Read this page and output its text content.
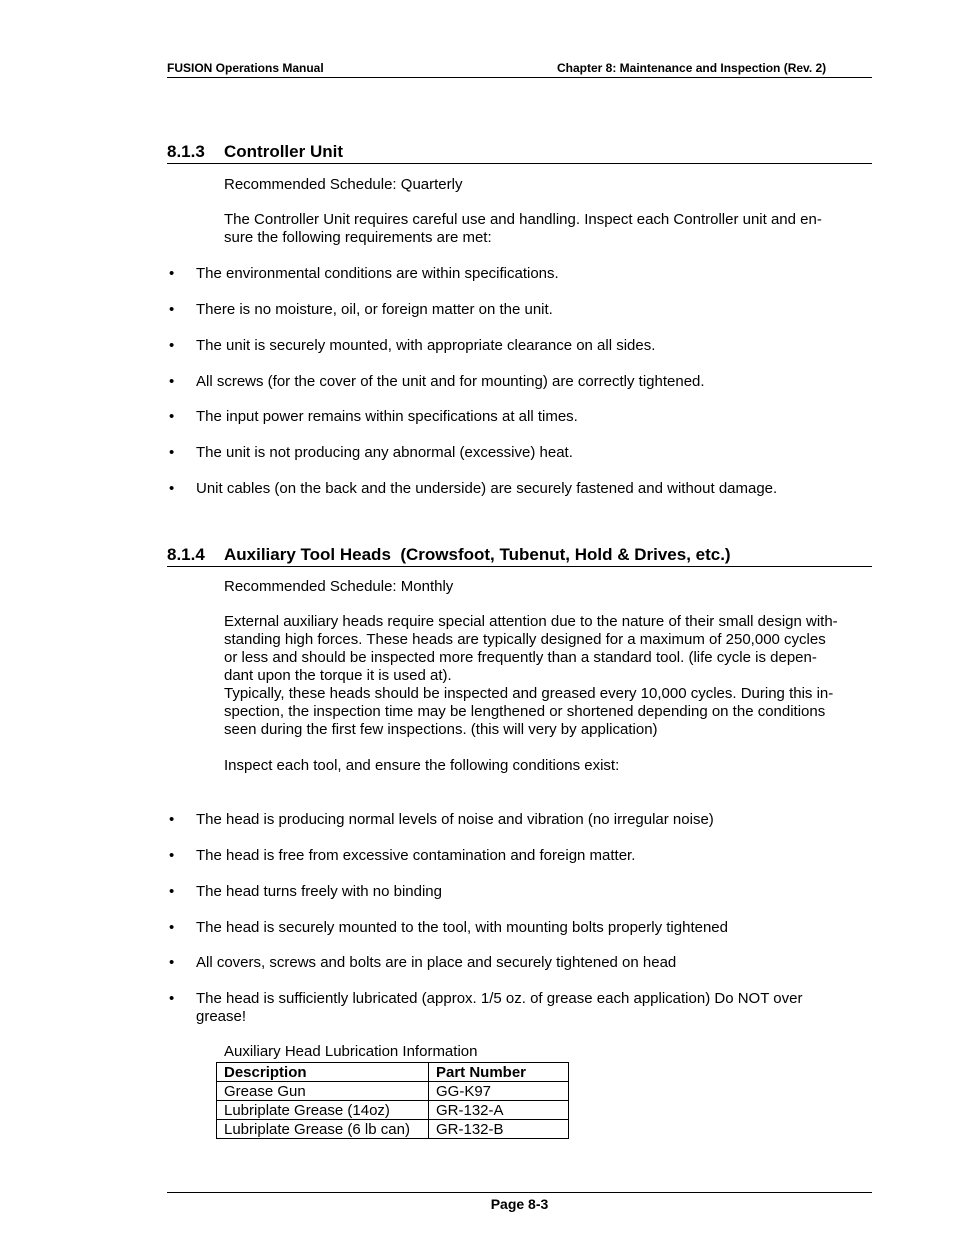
FUSION Operations Manual	Chapter 8: Maintenance and Inspection (Rev. 2)
8.1.3 Controller Unit
Recommended Schedule: Quarterly
The Controller Unit requires careful use and handling. Inspect each Controller unit and en-
sure the following requirements are met:
• The environmental conditions are within specifications.
• There is no moisture, oil, or foreign matter on the unit.
• The unit is securely mounted, with appropriate clearance on all sides.
• All screws (for the cover of the unit and for mounting) are correctly tightened.
• The input power remains within specifications at all times.
• The unit is not producing any abnormal (excessive) heat.
• Unit cables (on the back and the underside) are securely fastened and without damage.
8.1.4 Auxiliary Tool Heads  (Crowsfoot, Tubenut, Hold & Drives, etc.)
Recommended Schedule: Monthly
External auxiliary heads require special attention due to the nature of their small design with-
standing high forces. These heads are typically designed for a maximum of 250,000 cycles
or less and should be inspected more frequently than a standard tool. (life cycle is depen-
dant upon the torque it is used at).
Typically, these heads should be inspected and greased every 10,000 cycles. During this in-
spection, the inspection time may be lengthened or shortened depending on the conditions
seen during the first few inspections. (this will very by application)
Inspect each tool, and ensure the following conditions exist:
• The head is producing normal levels of noise and vibration (no irregular noise)
• The head is free from excessive contamination and foreign matter.
• The head turns freely with no binding
• The head is securely mounted to the tool, with mounting bolts properly tightened
• All covers, screws and bolts are in place and securely tightened on head
• The head is sufficiently lubricated (approx. 1/5 oz. of grease each application) Do NOT over
grease!
Auxiliary Head Lubrication Information
Description	Part Number
Grease Gun	GG-K97
Lubriplate Grease (14oz)	GR-132-A
Lubriplate Grease (6 lb can)	GR-132-B
Page 8-3
